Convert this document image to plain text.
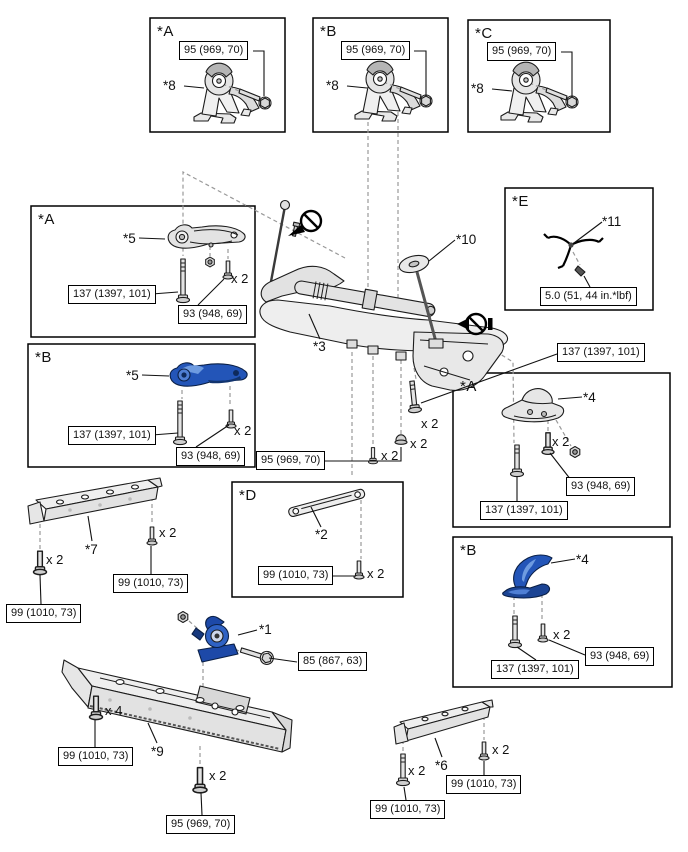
*A	*B	*C
*E
*A
*B
*D
*A
*B
95 (969, 70)	95 (969, 70)	95 (969, 70)
5.0 (51, 44 in.*lbf)
137 (1397, 101)
93 (948, 69)
137 (1397, 101)
93 (948, 69)	95 (969, 70)
137 (1397, 101)
93 (948, 69)
137 (1397, 101)
93 (948, 69)
137 (1397, 101)
99 (1010, 73)
99 (1010, 73)
99 (1010, 73)
85 (867, 63)
99 (1010, 73)
95 (969, 70)
99 (1010, 73)
99 (1010, 73)
*8	*8	*8
*11
*5
*5
*3
*10
*4
*4
*2
*7
*1
*9
*6
x 2
x 2
x 2
x 2
x 2
x 2
x 2
x 2
x 2
x 2
x 4
x 2	x 2
x 2
